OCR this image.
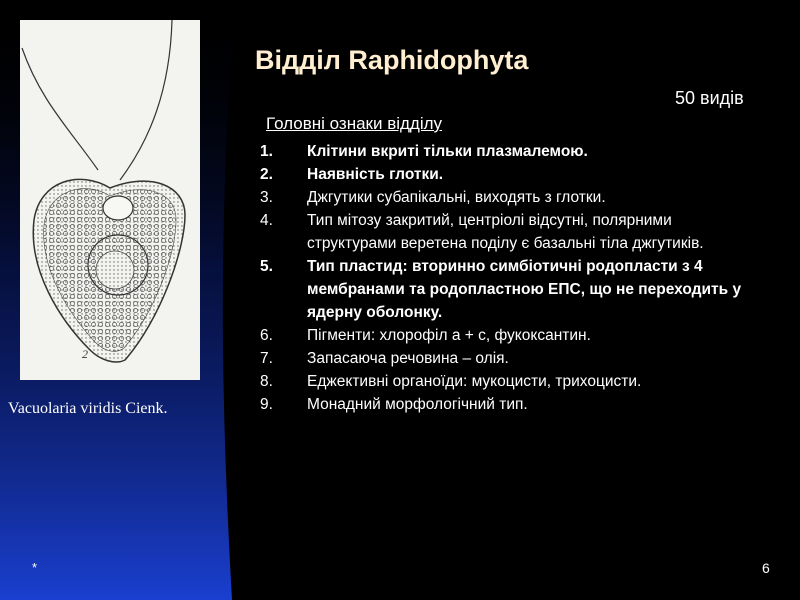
2
Vacuolaria viridis Cienk.
Відділ Raphidophyta
50 видів
Головні ознаки відділу
1.	Клітини вкриті тільки плазмалемою.
2.	Наявність глотки.
3.	Джгутики субапікальні, виходять з глотки.
4.	Тип мітозу закритий, центріолі відсутні, полярними структурами веретена поділу є базальні тіла джгутиків.
5.	Тип пластид: вторинно симбіотичні родопласти з 4 мембранами та родопластною ЕПС, що не переходить у ядерну оболонку.
6.	Пігменти: хлорофіл а + с, фукоксантин.
7.	Запасаюча речовина – олія.
8.	Еджективні органоїди: мукоцисти, трихоцисти.
9.	Монадний морфологічний тип.
*	6
